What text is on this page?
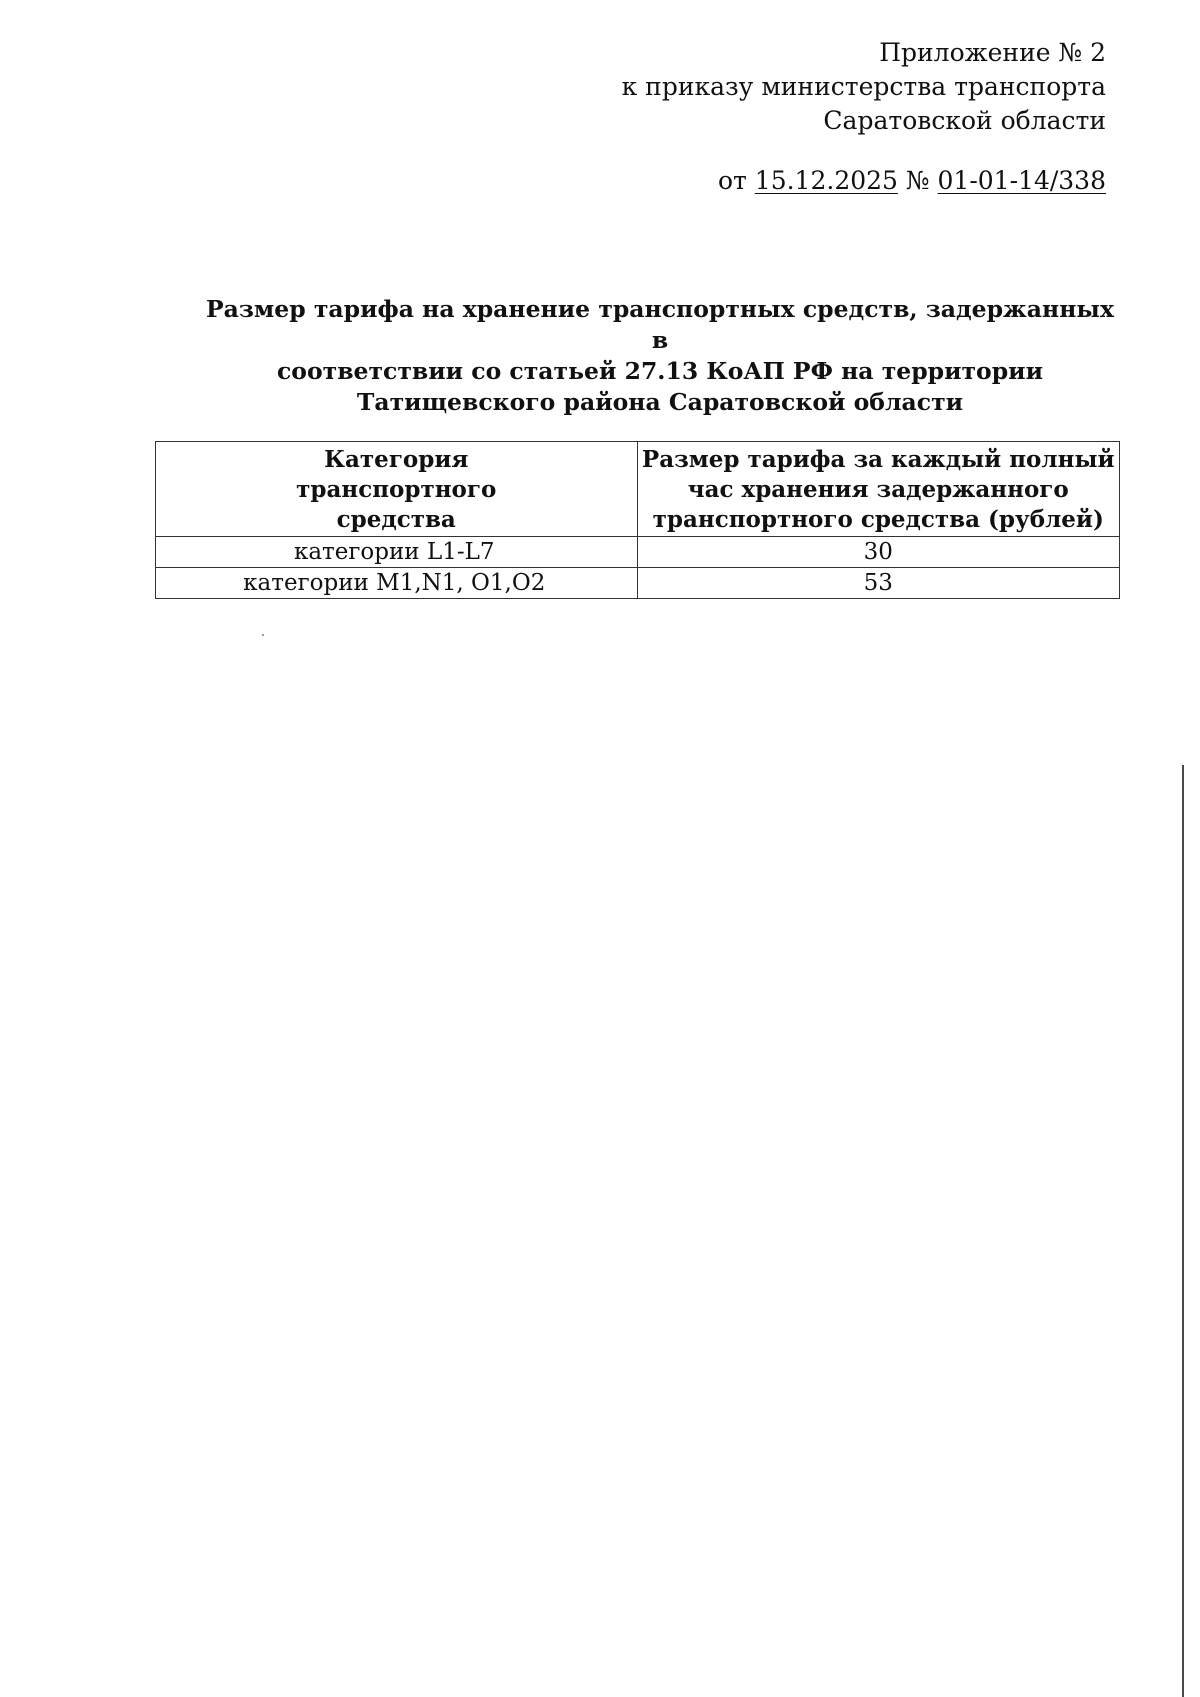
Приложение № 2
к приказу министерства транспорта
Саратовской области
от 15.12.2025 № 01-01-14/338
Размер тарифа на хранение транспортных средств, задержанных в
соответствии со статьей 27.13 КоАП РФ на территории
Татищевского района Саратовской области
Категория
транспортного
средства	Размер тарифа за каждый полный
час хранения задержанного
транспортного средства (рублей)

категории L1-L7	30
категории M1,N1, O1,O2	53
